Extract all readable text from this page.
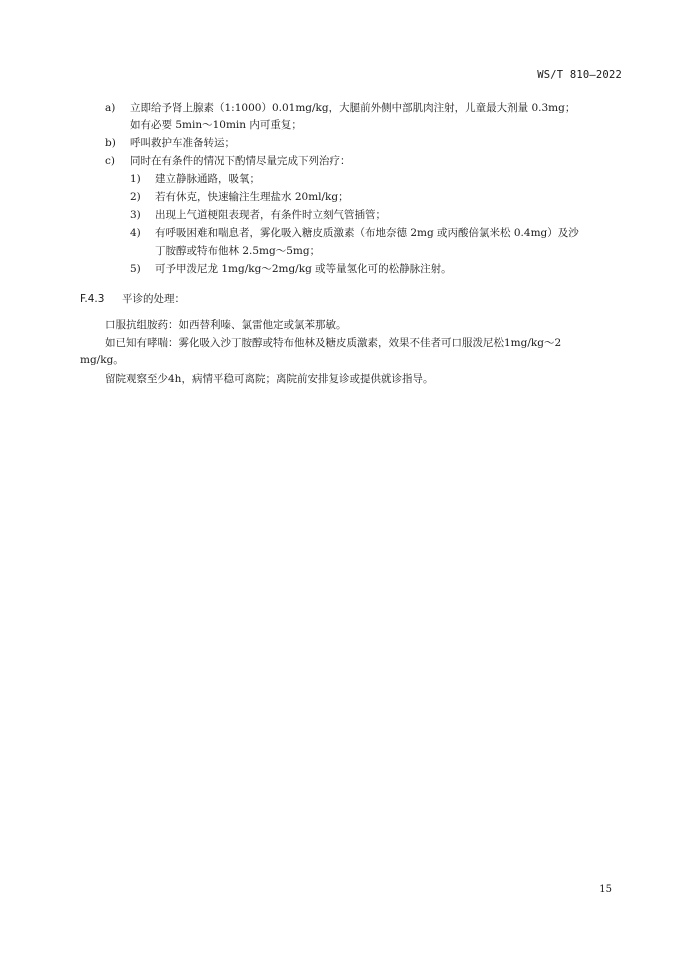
WS/T 810—2022
a) 立即给予肾上腺素（1:1000）0.01mg/kg，大腿前外侧中部肌肉注射，儿童最大剂量 0.3mg；
如有必要 5min～10min 内可重复；
b) 呼叫救护车准备转运；
c) 同时在有条件的情况下酌情尽量完成下列治疗：
1) 建立静脉通路，吸氧；
2) 若有休克，快速输注生理盐水 20ml/kg；
3) 出现上气道梗阻表现者，有条件时立刻气管插管；
4) 有呼吸困难和喘息者，雾化吸入糖皮质激素（布地奈德 2mg 或丙酸倍氯米松 0.4mg）及沙
丁胺醇或特布他林 2.5mg～5mg；
5) 可予甲泼尼龙 1mg/kg～2mg/kg 或等量氢化可的松静脉注射。
F.4.3 平诊的处理：
口服抗组胺药：如西替利嗪、氯雷他定或氯苯那敏。
如已知有哮喘：雾化吸入沙丁胺醇或特布他林及糖皮质激素，效果不佳者可口服泼尼松1mg/kg～2
mg/kg。
留院观察至少4h，病情平稳可离院；离院前安排复诊或提供就诊指导。
15
